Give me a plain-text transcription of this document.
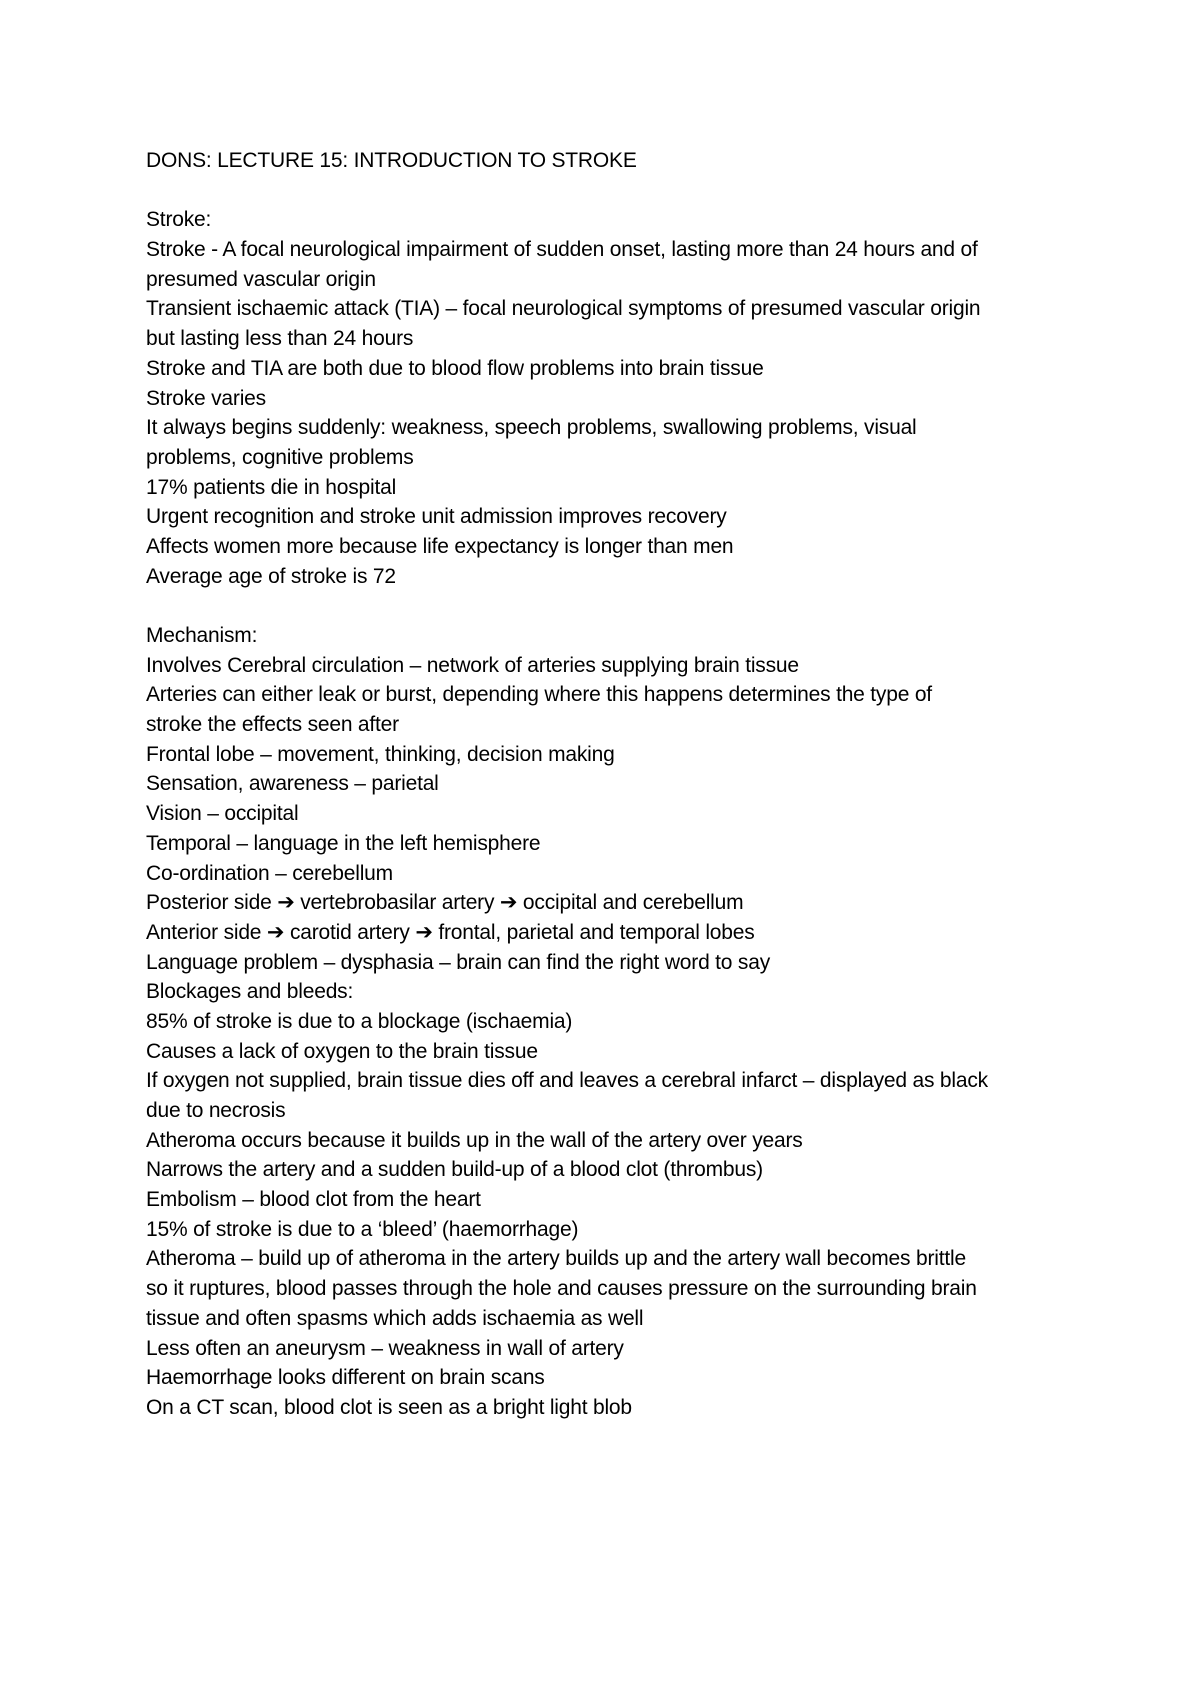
DONS: LECTURE 15: INTRODUCTION TO STROKE
Stroke:
Stroke - A focal neurological impairment of sudden onset, lasting more than 24 hours and of
presumed vascular origin
Transient ischaemic attack (TIA) – focal neurological symptoms of presumed vascular origin
but lasting less than 24 hours
Stroke and TIA are both due to blood flow problems into brain tissue
Stroke varies
It always begins suddenly: weakness, speech problems, swallowing problems, visual
problems, cognitive problems
17% patients die in hospital
Urgent recognition and stroke unit admission improves recovery
Affects women more because life expectancy is longer than men
Average age of stroke is 72
Mechanism:
Involves Cerebral circulation – network of arteries supplying brain tissue
Arteries can either leak or burst, depending where this happens determines the type of
stroke the effects seen after
Frontal lobe – movement, thinking, decision making
Sensation, awareness – parietal
Vision – occipital
Temporal – language in the left hemisphere
Co-ordination – cerebellum
Posterior side ➔ vertebrobasilar artery ➔ occipital and cerebellum
Anterior side ➔ carotid artery ➔ frontal, parietal and temporal lobes
Language problem – dysphasia – brain can find the right word to say
Blockages and bleeds:
85% of stroke is due to a blockage (ischaemia)
Causes a lack of oxygen to the brain tissue
If oxygen not supplied, brain tissue dies off and leaves a cerebral infarct – displayed as black
due to necrosis
Atheroma occurs because it builds up in the wall of the artery over years
Narrows the artery and a sudden build-up of a blood clot (thrombus)
Embolism – blood clot from the heart
15% of stroke is due to a ‘bleed’ (haemorrhage)
Atheroma – build up of atheroma in the artery builds up and the artery wall becomes brittle
so it ruptures, blood passes through the hole and causes pressure on the surrounding brain
tissue and often spasms which adds ischaemia as well
Less often an aneurysm – weakness in wall of artery
Haemorrhage looks different on brain scans
On a CT scan, blood clot is seen as a bright light blob
